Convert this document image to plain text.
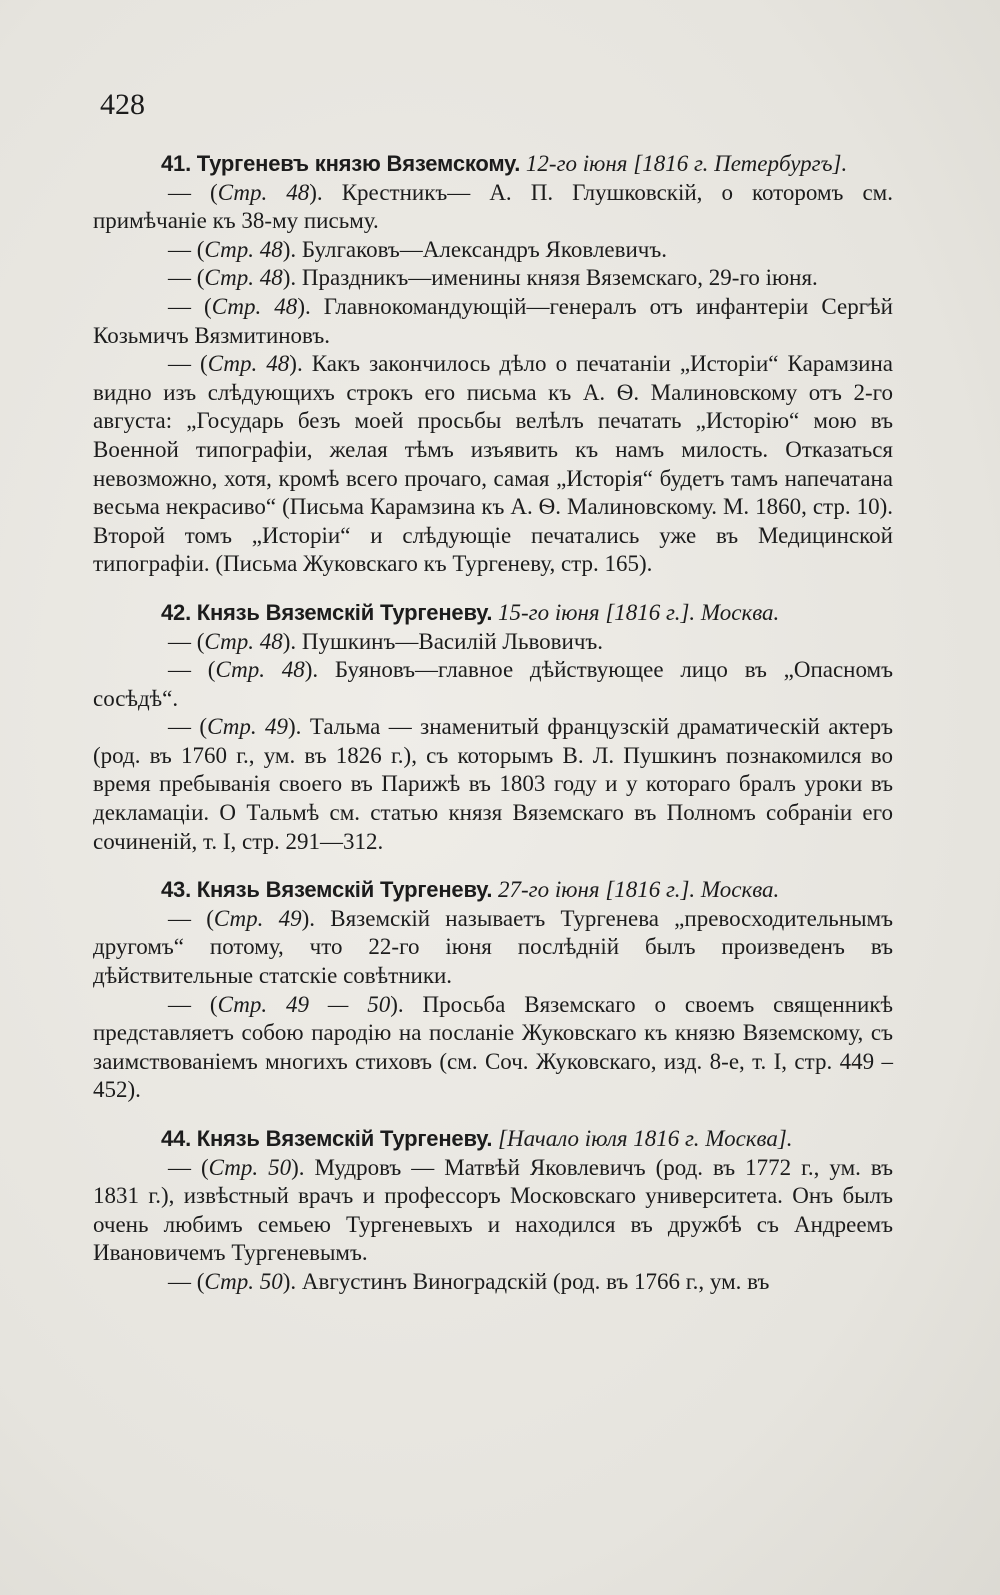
428

41. Тургеневъ князю Вяземскому. 12-го iюня [1816 г. Петербургъ].

— (Стр. 48). Крестникъ— А. П. Глушковскiй, о которомъ см. примѣчанiе къ 38-му письму.

— (Стр. 48). Булгаковъ—Александръ Яковлевичъ.

— (Стр. 48). Праздникъ—именины князя Вяземскаго, 29-го iюня.

— (Стр. 48). Главнокомандующiй—генералъ отъ инфантерiи Сергѣй Козьмичъ Вязмитиновъ.

— (Стр. 48). Какъ закончилось дѣло о печатанiи „Исторiи“ Карамзина видно изъ слѣдующихъ строкъ его письма къ А. Ѳ. Малиновскому отъ 2-го августа: „Государь безъ моей просьбы велѣлъ печатать „Исторiю“ мою въ Военной типографiи, желая тѣмъ изъявить къ намъ милость. Отказаться невозможно, хотя, кромѣ всего прочаго, самая „Исторiя“ будетъ тамъ напечатана весьма некрасиво“ (Письма Карамзина къ А. Ѳ. Малиновскому. М. 1860, стр. 10). Второй томъ „Исторiи“ и слѣдующiе печатались уже въ Медицинской типографiи. (Письма Жуковскаго къ Тургеневу, стр. 165).

42. Князь Вяземскiй Тургеневу. 15-го iюня [1816 г.]. Москва.

— (Стр. 48). Пушкинъ—Василiй Львовичъ.

— (Стр. 48). Буяновъ—главное дѣйствующее лицо въ „Опасномъ сосѣдѣ“.

— (Стр. 49). Тальма — знаменитый французскiй драматическiй актеръ (род. въ 1760 г., ум. въ 1826 г.), съ которымъ В. Л. Пушкинъ познакомился во время пребыванiя своего въ Парижѣ въ 1803 году и у котораго бралъ уроки въ декламацiи. О Тальмѣ см. статью князя Вяземскаго въ Полномъ собранiи его сочиненiй, т. I, стр. 291—312.

43. Князь Вяземскiй Тургеневу. 27-го iюня [1816 г.]. Москва.

— (Стр. 49). Вяземскiй называетъ Тургенева „превосходительнымъ другомъ“ потому, что 22-го iюня послѣднiй былъ произведенъ въ дѣйствительные статскiе совѣтники.

— (Стр. 49 — 50). Просьба Вяземскаго о своемъ священникѣ представляетъ собою пародiю на посланiе Жуковскаго къ князю Вяземскому, съ заимствованiемъ многихъ стиховъ (см. Соч. Жуковскаго, изд. 8-е, т. I, стр. 449 – 452).

44. Князь Вяземскiй Тургеневу. [Начало iюля 1816 г. Москва].

— (Стр. 50). Мудровъ — Матвѣй Яковлевичъ (род. въ 1772 г., ум. въ 1831 г.), извѣстный врачъ и профессоръ Московскаго университета. Онъ былъ очень любимъ семьею Тургеневыхъ и находился въ дружбѣ съ Андреемъ Ивановичемъ Тургеневымъ.

— (Стр. 50). Августинъ Виноградскiй (род. въ 1766 г., ум. въ
